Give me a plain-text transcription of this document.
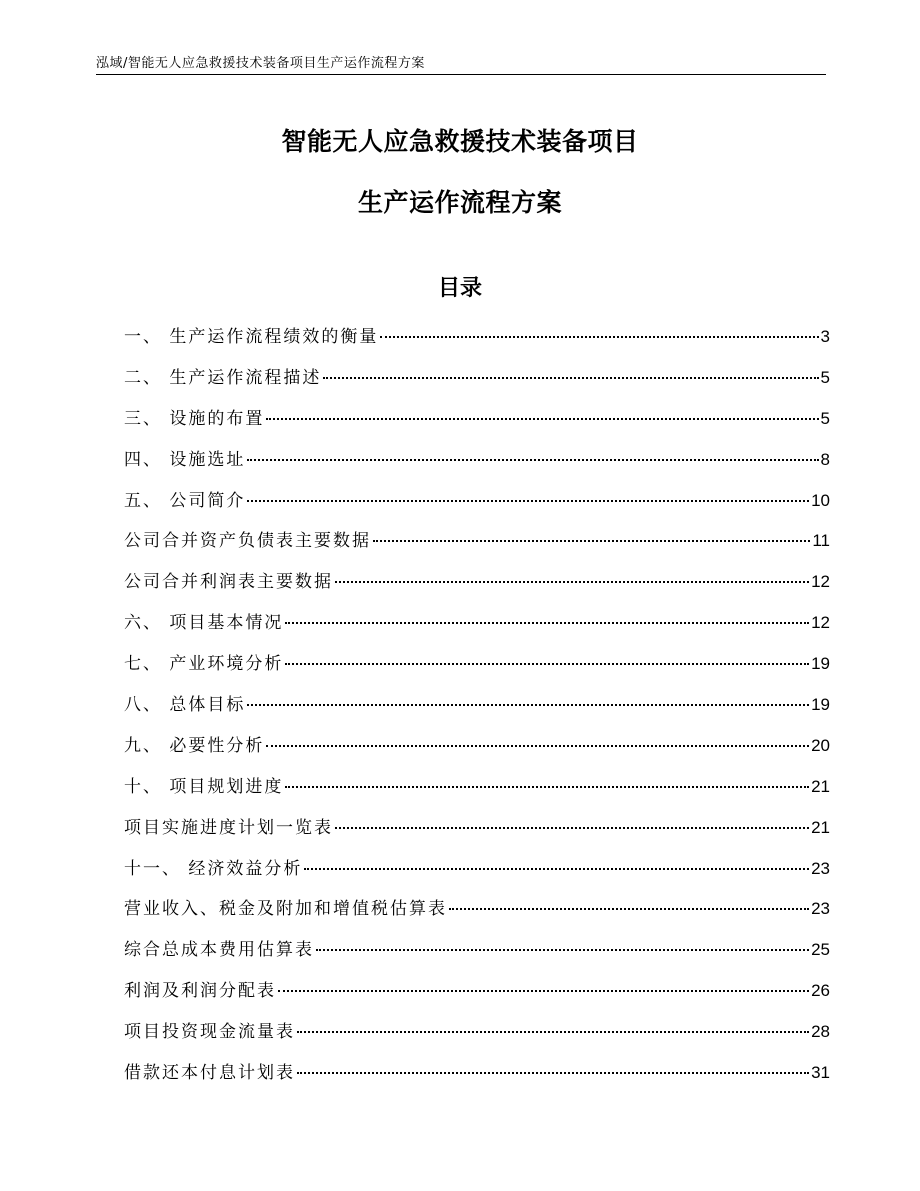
泓域/智能无人应急救援技术装备项目生产运作流程方案
智能无人应急救援技术装备项目
生产运作流程方案
目录
一、 生产运作流程绩效的衡量	3
二、 生产运作流程描述	5
三、 设施的布置	5
四、 设施选址	8
五、 公司简介	10
公司合并资产负债表主要数据	11
公司合并利润表主要数据	12
六、 项目基本情况	12
七、 产业环境分析	19
八、 总体目标	19
九、 必要性分析	20
十、 项目规划进度	21
项目实施进度计划一览表	21
十一、 经济效益分析	23
营业收入、税金及附加和增值税估算表	23
综合总成本费用估算表	25
利润及利润分配表	26
项目投资现金流量表	28
借款还本付息计划表	31
